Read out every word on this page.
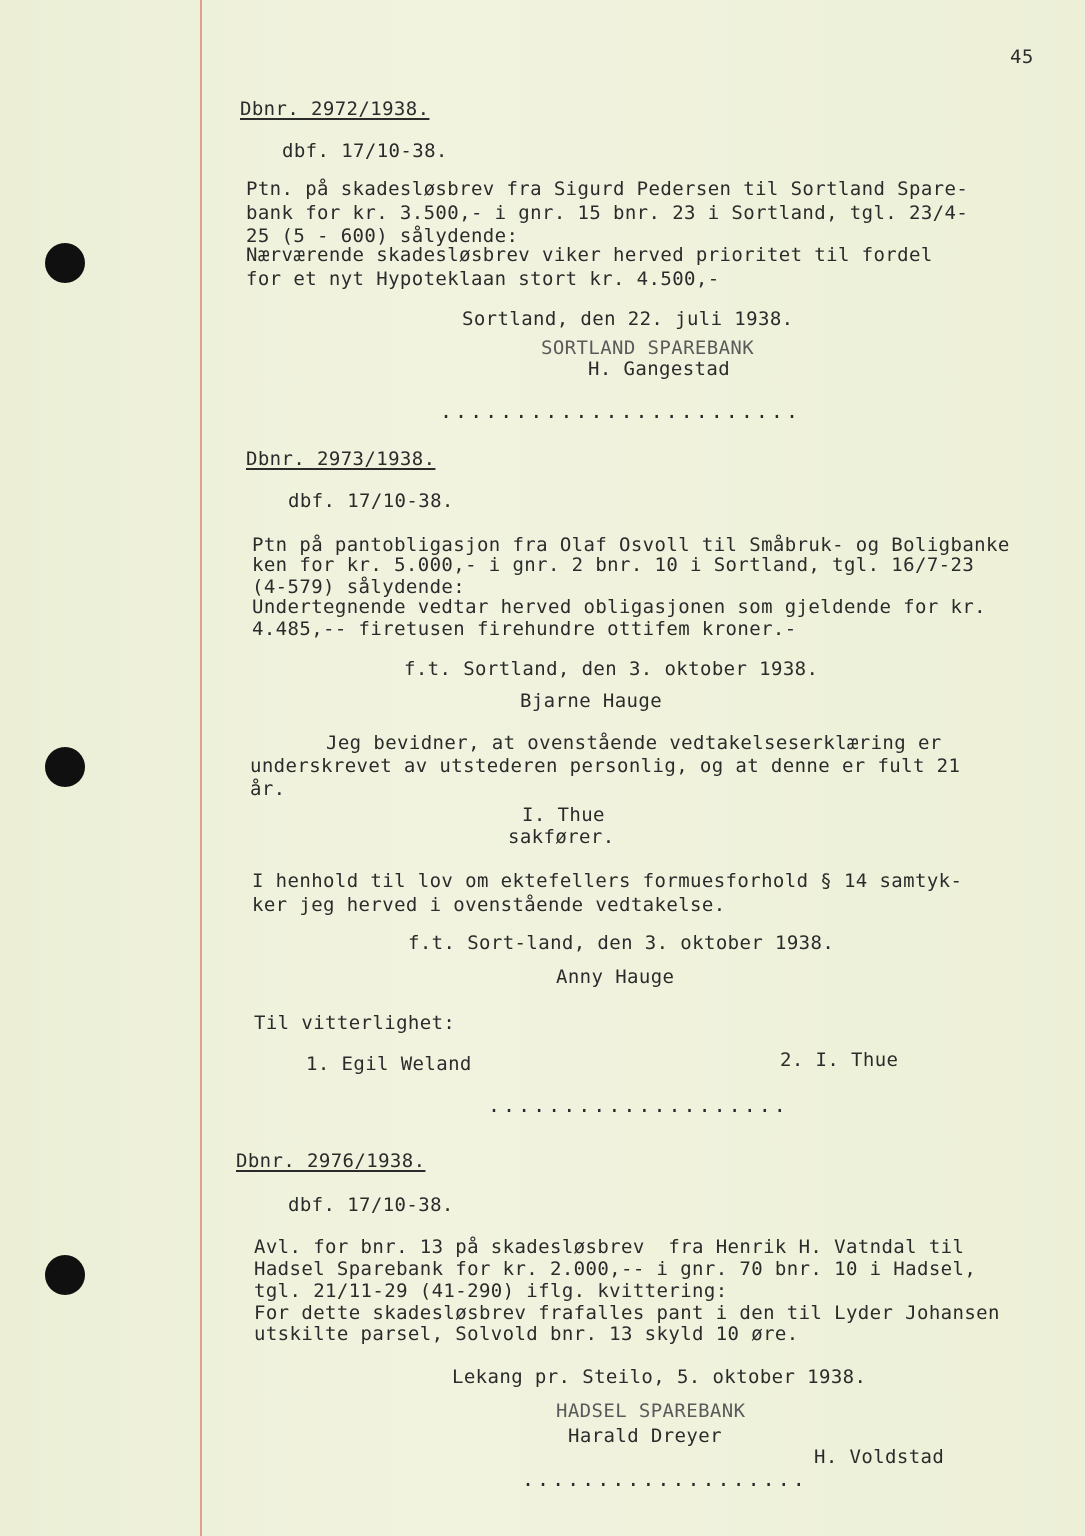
45
Dbnr. 2972/1938.
dbf. 17/10-38.
Ptn. på skadesløsbrev fra Sigurd Pedersen til Sortland Spare-
bank for kr. 3.500,- i gnr. 15 bnr. 23 i Sortland, tgl. 23/4-
25 (5 - 600) sålydende:
Nærværende skadesløsbrev viker herved prioritet til fordel
for et nyt Hypoteklaan stort kr. 4.500,-
Sortland, den 22. juli 1938.
SORTLAND SPAREBANK
H. Gangestad
........................
Dbnr. 2973/1938.
dbf. 17/10-38.
Ptn på pantobligasjon fra Olaf Osvoll til Småbruk- og Boligbanke
ken for kr. 5.000,- i gnr. 2 bnr. 10 i Sortland, tgl. 16/7-23
(4-579) sålydende:
Undertegnende vedtar herved obligasjonen som gjeldende for kr.
4.485,-- firetusen firehundre ottifem kroner.-
f.t. Sortland, den 3. oktober 1938.
Bjarne Hauge
Jeg bevidner, at ovenstående vedtakelseserklæring er
underskrevet av utstederen personlig, og at denne er fult 21
år.
I. Thue
sakfører.
I henhold til lov om ektefellers formuesforhold § 14 samtyk-
ker jeg herved i ovenstående vedtakelse.
f.t. Sort-land, den 3. oktober 1938.
Anny Hauge
Til vitterlighet:
1. Egil Weland	2. I. Thue
....................
Dbnr. 2976/1938.
dbf. 17/10-38.
Avl. for bnr. 13 på skadesløsbrev  fra Henrik H. Vatndal til
Hadsel Sparebank for kr. 2.000,-- i gnr. 70 bnr. 10 i Hadsel,
tgl. 21/11-29 (41-290) iflg. kvittering:
For dette skadesløsbrev frafalles pant i den til Lyder Johansen
utskilte parsel, Solvold bnr. 13 skyld 10 øre.
Lekang pr. Steilo, 5. oktober 1938.
HADSEL SPAREBANK
Harald Dreyer
H. Voldstad
...................
